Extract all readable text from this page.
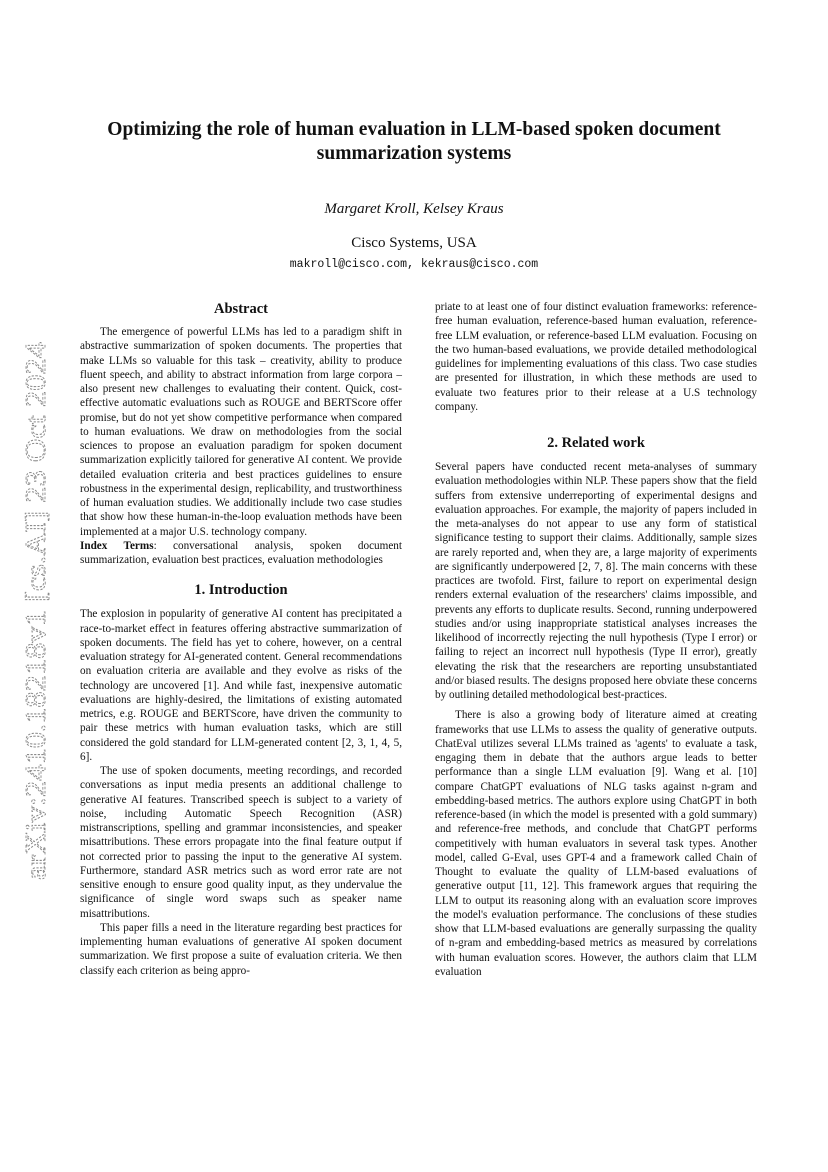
Optimizing the role of human evaluation in LLM-based spoken document summarization systems
Margaret Kroll, Kelsey Kraus
Cisco Systems, USA
makroll@cisco.com, kekraus@cisco.com
arXiv:2410.18218v1 [cs.AI] 23 Oct 2024
Abstract

The emergence of powerful LLMs has led to a paradigm shift in abstractive summarization of spoken documents. The properties that make LLMs so valuable for this task – creativity, ability to produce fluent speech, and ability to abstract information from large corpora – also present new challenges to evaluating their content. Quick, cost-effective automatic evaluations such as ROUGE and BERTScore offer promise, but do not yet show competitive performance when compared to human evaluations. We draw on methodologies from the social sciences to propose an evaluation paradigm for spoken document summarization explicitly tailored for generative AI content. We provide detailed evaluation criteria and best practices guidelines to ensure robustness in the experimental design, replicability, and trustworthiness of human evaluation studies. We additionally include two case studies that show how these human-in-the-loop evaluation methods have been implemented at a major U.S. technology company.

Index Terms: conversational analysis, spoken document summarization, evaluation best practices, evaluation methodologies

1. Introduction

The explosion in popularity of generative AI content has precipitated a race-to-market effect in features offering abstractive summarization of spoken documents. The field has yet to cohere, however, on a central evaluation strategy for AI-generated content. General recommendations on evaluation criteria are available and they evolve as risks of the technology are uncovered [1]. And while fast, inexpensive automatic evaluations are highly-desired, the limitations of existing automated metrics, e.g. ROUGE and BERTScore, have driven the community to pair these metrics with human evaluation tasks, which are still considered the gold standard for LLM-generated content [2, 3, 1, 4, 5, 6].

The use of spoken documents, meeting recordings, and recorded conversations as input media presents an additional challenge to generative AI features. Transcribed speech is subject to a variety of noise, including Automatic Speech Recognition (ASR) mistranscriptions, spelling and grammar inconsistencies, and speaker misattributions. These errors propagate into the final feature output if not corrected prior to passing the input to the generative AI system. Furthermore, standard ASR metrics such as word error rate are not sensitive enough to ensure good quality input, as they undervalue the significance of single word swaps such as speaker name misattributions.

This paper fills a need in the literature regarding best practices for implementing human evaluations of generative AI spoken document summarization. We first propose a suite of evaluation criteria. We then classify each criterion as being appro-

priate to at least one of four distinct evaluation frameworks: reference-free human evaluation, reference-based human evaluation, reference-free LLM evaluation, or reference-based LLM evaluation. Focusing on the two human-based evaluations, we provide detailed methodological guidelines for implementing evaluations of this class. Two case studies are presented for illustration, in which these methods are used to evaluate two features prior to their release at a U.S technology company.

2. Related work

Several papers have conducted recent meta-analyses of summary evaluation methodologies within NLP. These papers show that the field suffers from extensive underreporting of experimental designs and evaluation approaches. For example, the majority of papers included in the meta-analyses do not appear to use any form of statistical significance testing to support their claims. Additionally, sample sizes are rarely reported and, when they are, a large majority of experiments are significantly underpowered [2, 7, 8]. The main concerns with these practices are twofold. First, failure to report on experimental design renders external evaluation of the researchers' claims impossible, and prevents any efforts to duplicate results. Second, running underpowered studies and/or using inappropriate statistical analyses increases the likelihood of incorrectly rejecting the null hypothesis (Type I error) or failing to reject an incorrect null hypothesis (Type II error), greatly elevating the risk that the researchers are reporting unsubstantiated and/or biased results. The designs proposed here obviate these concerns by outlining detailed methodological best-practices.

There is also a growing body of literature aimed at creating frameworks that use LLMs to assess the quality of generative outputs. ChatEval utilizes several LLMs trained as 'agents' to evaluate a task, engaging them in debate that the authors argue leads to better performance than a single LLM evaluation [9]. Wang et al. [10] compare ChatGPT evaluations of NLG tasks against n-gram and embedding-based metrics. The authors explore using ChatGPT in both reference-based (in which the model is presented with a gold summary) and reference-free methods, and conclude that ChatGPT performs competitively with human evaluators in several task types. Another model, called G-Eval, uses GPT-4 and a framework called Chain of Thought to evaluate the quality of LLM-based evaluations of generative output [11, 12]. This framework argues that requiring the LLM to output its reasoning along with an evaluation score improves the model's evaluation performance. The conclusions of these studies show that LLM-based evaluations are generally surpassing the quality of n-gram and embedding-based metrics as measured by correlations with human evaluation scores. However, the authors claim that LLM evaluation
